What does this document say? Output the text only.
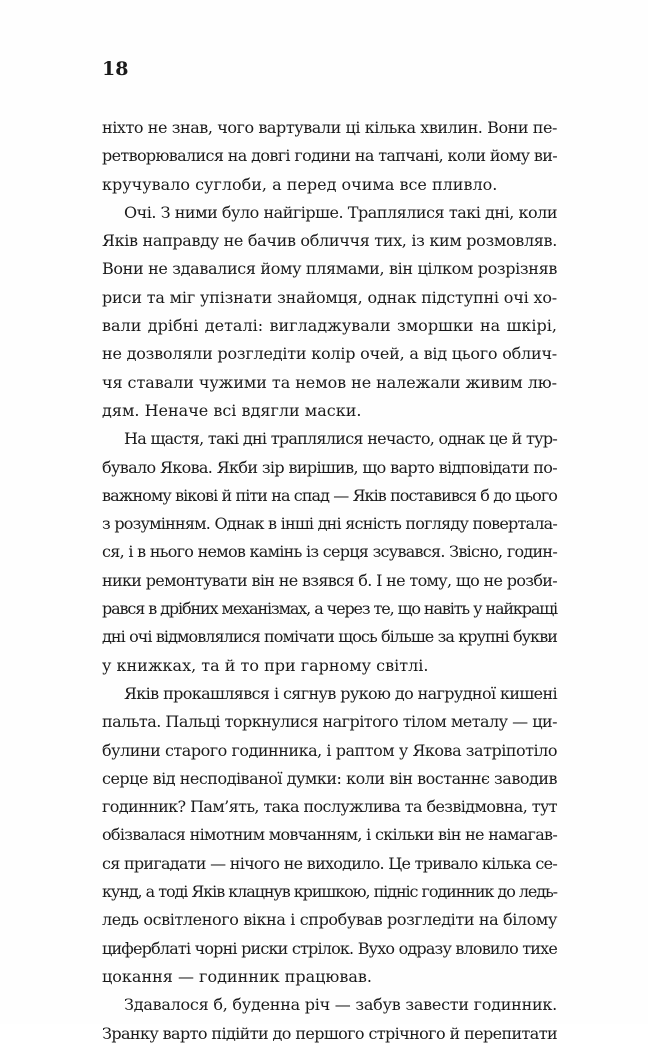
18
ніхто не знав, чого вартували ці кілька хвилин. Вони пе-
ретворювалися на довгі години на тапчані, коли йому ви-
кручувало суглоби, а перед очима все пливло.
Очі. З ними було найгірше. Траплялися такі дні, коли
Яків направду не бачив обличчя тих, із ким розмовляв.
Вони не здавалися йому плямами, він цілком розрізняв
риси та міг упізнати знайомця, однак підступні очі хо-
вали дрібні деталі: вигладжували зморшки на шкірі,
не дозволяли розгледіти колір очей, а від цього облич-
чя ставали чужими та немов не належали живим лю-
дям. Неначе всі вдягли маски.
На щастя, такі дні траплялися нечасто, однак це й тур-
бувало Якова. Якби зір вирішив, що варто відповідати по-
важному вікові й піти на спад — Яків поставився б до цього
з розумінням. Однак в інші дні ясність погляду поверталa-
ся, і в нього немов камінь із серця зсувався. Звісно, годин-
ники ремонтувати він не взявся б. І не тому, що не розби-
рався в дрібних механізмах, а через те, що навіть у найкращі
дні очі відмовлялися помічати щось більше за крупні букви
у книжках, та й то при гарному світлі.
Яків прокашлявся і сягнув рукою до нагрудної кишені
пальта. Пальці торкнулися нагрітого тілом металу — ци-
булини старого годинника, і раптом у Якова затріпотіло
серце від несподіваної думки: коли він востаннє заводив
годинник? Пам’ять, така послужлива та безвідмовна, тут
обізвалася німотним мовчанням, і скільки він не намагав-
ся пригадати — нічого не виходило. Це тривало кілька се-
кунд, а тоді Яків клацнув кришкою, підніс годинник до ледь-
ледь освітленого вікна і спробував розгледіти на білому
циферблаті чорні риски стрілок. Вухо одразу вловило тихе
цокання — годинник працював.
Здавалося б, буденна річ — забув завести годинник.
Зранку варто підійти до першого стрічного й перепитати
